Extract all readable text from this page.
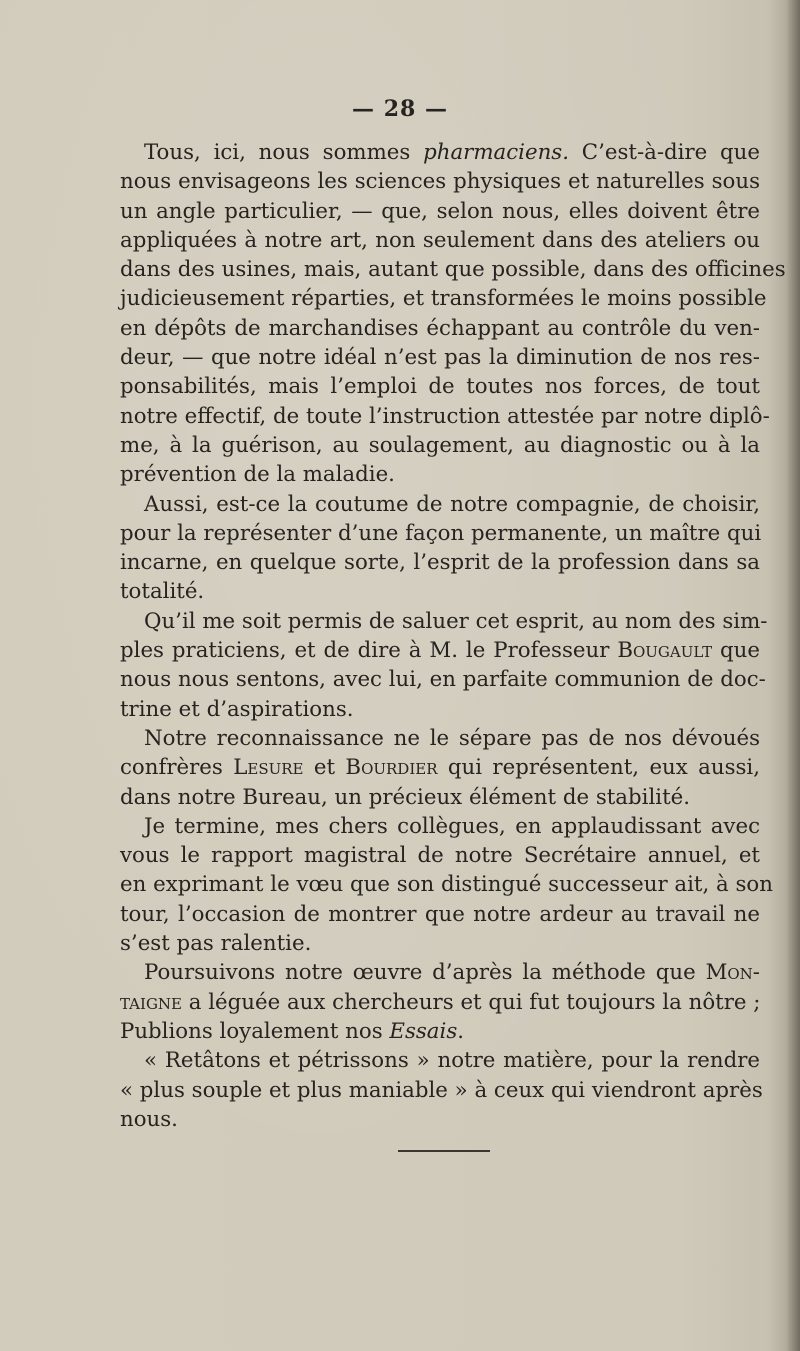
— 28 —
Tous, ici, nous sommes pharmaciens. C’est-à-dire que
nous envisageons les sciences physiques et naturelles sous
un angle particulier, — que, selon nous, elles doivent être
appliquées à notre art, non seulement dans des ateliers ou
dans des usines, mais, autant que possible, dans des officines
judicieusement réparties, et transformées le moins possible
en dépôts de marchandises échappant au contrôle du ven-
deur, — que notre idéal n’est pas la diminution de nos res-
ponsabilités, mais l’emploi de toutes nos forces, de tout
notre effectif, de toute l’instruction attestée par notre diplô-
me, à la guérison, au soulagement, au diagnostic ou à la
prévention de la maladie.
Aussi, est-ce la coutume de notre compagnie, de choisir,
pour la représenter d’une façon permanente, un maître qui
incarne, en quelque sorte, l’esprit de la profession dans sa
totalité.
Qu’il me soit permis de saluer cet esprit, au nom des sim-
ples praticiens, et de dire à M. le Professeur Bougault que
nous nous sentons, avec lui, en parfaite communion de doc-
trine et d’aspirations.
Notre reconnaissance ne le sépare pas de nos dévoués
confrères Lesure et Bourdier qui représentent, eux aussi,
dans notre Bureau, un précieux élément de stabilité.
Je termine, mes chers collègues, en applaudissant avec
vous le rapport magistral de notre Secrétaire annuel, et
en exprimant le vœu que son distingué successeur ait, à son
tour, l’occasion de montrer que notre ardeur au travail ne
s’est pas ralentie.
Poursuivons notre œuvre d’après la méthode que Mon-
taigne a léguée aux chercheurs et qui fut toujours la nôtre ;
Publions loyalement nos Essais.
« Retâtons et pétrissons » notre matière, pour la rendre
« plus souple et plus maniable » à ceux qui viendront après
nous.
